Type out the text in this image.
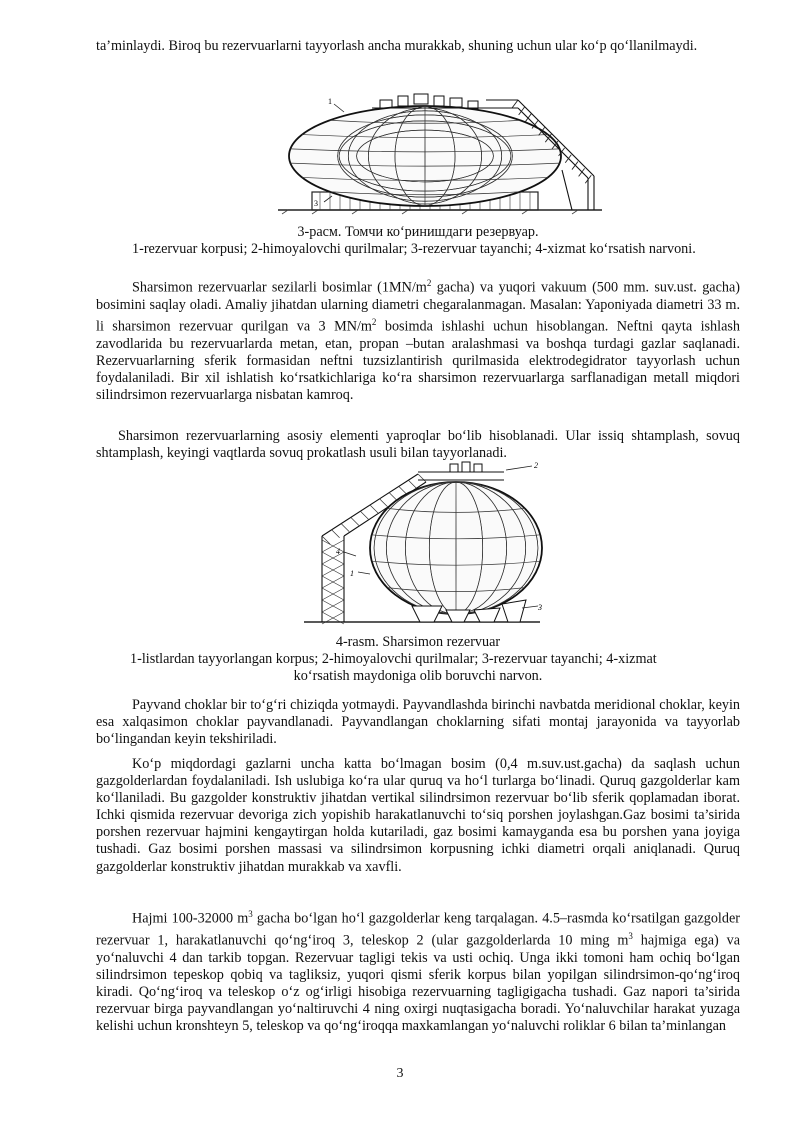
ta’minlaydi. Biroq bu rezervuarlarni tayyorlash ancha murakkab, shuning uchun ular ko‘p qo‘llanilmaydi.

1
3

3-расм. Томчи ко‘ринишдаги резервуар.

1-rezervuar korpusi; 2-himoyalovchi qurilmalar; 3-rezervuar tayanchi; 4-xizmat ko‘rsatish narvoni.

Sharsimon rezervuarlar sezilarli bosimlar ($1MN/m^2$ gacha) va yuqori vakuum (500 mm. suv.ust. gacha) bosimini saqlay oladi. Amaliy jihatdan ularning diametri chegaralanmagan. Masalan: Yaponiyada diametri 33 m. li sharsimon rezervuar qurilgan va 3 $MN/m^2$ bosimda ishlashi uchun hisoblangan. Neftni qayta ishlash zavodlarida bu rezervuarlarda metan, etan, propan –butan aralashmasi va boshqa turdagi gazlar saqlanadi. Rezervuarlarning sferik formasidan neftni tuzsizlantirish qurilmasida elektrodegidrator tayyorlash uchun foydalaniladi. Bir xil ishlatish ko‘rsatkichlariga ko‘ra sharsimon rezervuarlarga sarflanadigan metall miqdori silindrsimon rezervuarlarga nisbatan kamroq.

Sharsimon rezervuarlarning asosiy elementi yaproqlar bo‘lib hisoblanadi. Ular issiq shtamplash, sovuq shtamplash, keyingi vaqtlarda sovuq prokatlash usuli bilan tayyorlanadi.

2
4
1
3

4-rasm. Sharsimon rezervuar

1-listlardan tayyorlangan korpus; 2-himoyalovchi qurilmalar; 3-rezervuar tayanchi; 4-xizmat

ko‘rsatish maydoniga olib boruvchi narvon.

Payvand choklar bir to‘g‘ri chiziqda yotmaydi. Payvandlashda birinchi navbatda meridional choklar, keyin esa xalqasimon choklar payvandlanadi. Payvandlangan choklarning sifati montaj jarayonida va tayyorlab bo‘lingandan keyin tekshiriladi.

Ko‘p miqdordagi gazlarni uncha katta bo‘lmagan bosim (0,4 m.suv.ust.gacha) da saqlash uchun gazgolderlardan foydalaniladi. Ish uslubiga ko‘ra ular quruq va ho‘l turlarga bo‘linadi. Quruq gazgolderlar kam ko‘llaniladi. Bu gazgolder konstruktiv jihatdan vertikal silindrsimon rezervuar bo‘lib sferik qoplamadan iborat. Ichki qismida rezervuar devoriga zich yopishib harakatlanuvchi to‘siq porshen joylashgan.Gaz bosimi ta’sirida porshen rezervuar hajmini kengaytirgan holda kutariladi, gaz bosimi kamayganda esa bu porshen yana joyiga tushadi. Gaz bosimi porshen massasi va silindrsimon korpusning ichki diametri orqali aniqlanadi. Quruq gazgolderlar konstruktiv jihatdan murakkab va xavfli.

Hajmi 100-32000 $m^3$ gacha bo‘lgan ho‘l gazgolderlar keng tarqalagan. 4.5–rasmda ko‘rsatilgan gazgolder rezervuar 1, harakatlanuvchi qo‘ng‘iroq 3, teleskop 2 (ular gazgolderlarda 10 ming $m^3$ hajmiga ega) va yo‘naluvchi 4 dan tarkib topgan. Rezervuar tagligi tekis va usti ochiq. Unga ikki tomoni ham ochiq bo‘lgan silindrsimon tepeskop qobiq va tagliksiz, yuqori qismi sferik korpus bilan yopilgan silindrsimon-qo‘ng‘iroq kiradi. Qo‘ng‘iroq va teleskop o‘z og‘irligi hisobiga rezervuarning tagligigacha tushadi. Gaz napori ta’sirida rezervuar birga payvandlangan yo‘naltiruvchi 4 ning oxirgi nuqtasigacha boradi. Yo‘naluvchilar harakat yuzaga kelishi uchun kronshteyn 5, teleskop va qo‘ng‘iroqqa maxkamlangan yo‘naluvchi roliklar 6 bilan ta’minlangan

3
